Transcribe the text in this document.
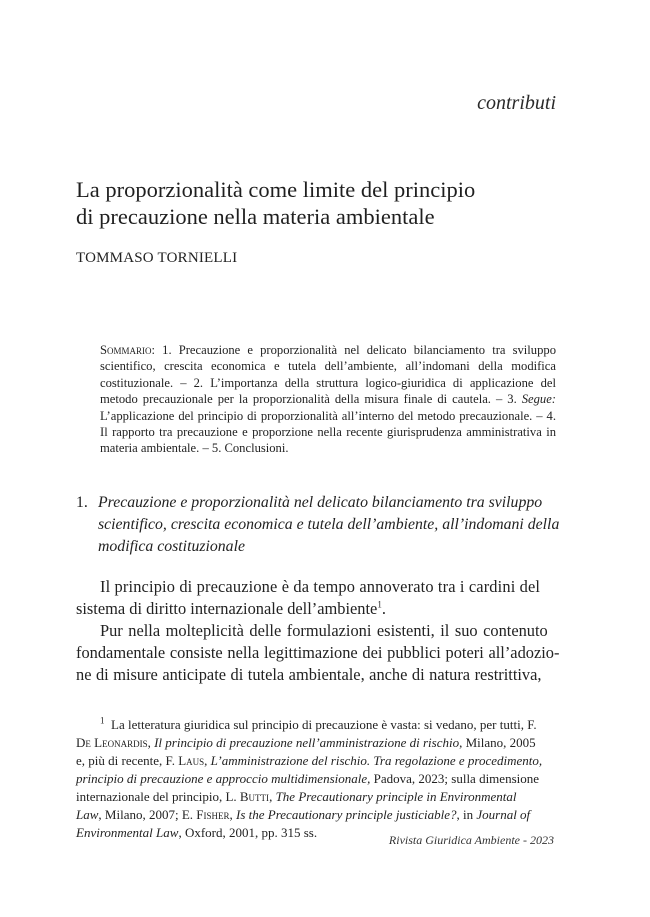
contributi
La proporzionalità come limite del principio
di precauzione nella materia ambientale
TOMMASO TORNIELLI
Sommario: 1. Precauzione e proporzionalità nel delicato bilanciamento tra sviluppo scientifico, crescita economica e tutela dell’ambiente, all’indomani della modifica costituzionale. – 2. L’importanza della struttura logico-giuridica di applicazione del metodo precauzionale per la proporzionalità della misura finale di cautela. – 3. Segue: L’applicazione del principio di proporzionalità all’interno del metodo precauzionale. – 4. Il rapporto tra precauzione e proporzione nella recente giurisprudenza amministrativa in materia ambientale. – 5. Conclusioni.
1. Precauzione e proporzionalità nel delicato bilanciamento tra sviluppo
scientifico, crescita economica e tutela dell’ambiente, all’indomani della
modifica costituzionale
Il principio di precauzione è da tempo annoverato tra i cardini del
sistema di diritto internazionale dell’ambiente$^1$.
Pur nella molteplicità delle formulazioni esistenti, il suo contenuto
fondamentale consiste nella legittimazione dei pubblici poteri all’adozio-
ne di misure anticipate di tutela ambientale, anche di natura restrittiva,
$^1$ La letteratura giuridica sul principio di precauzione è vasta: si vedano, per tutti, F.
De Leonardis, Il principio di precauzione nell’amministrazione di rischio, Milano, 2005
e, più di recente, F. Laus, L’amministrazione del rischio. Tra regolazione e procedimento,
principio di precauzione e approccio multidimensionale, Padova, 2023; sulla dimensione
internazionale del principio, L. Butti, The Precautionary principle in Environmental
Law, Milano, 2007; E. Fisher, Is the Precautionary principle justiciable?, in Journal of
Environmental Law, Oxford, 2001, pp. 315 ss.	Rivista Giuridica Ambiente - 2023
